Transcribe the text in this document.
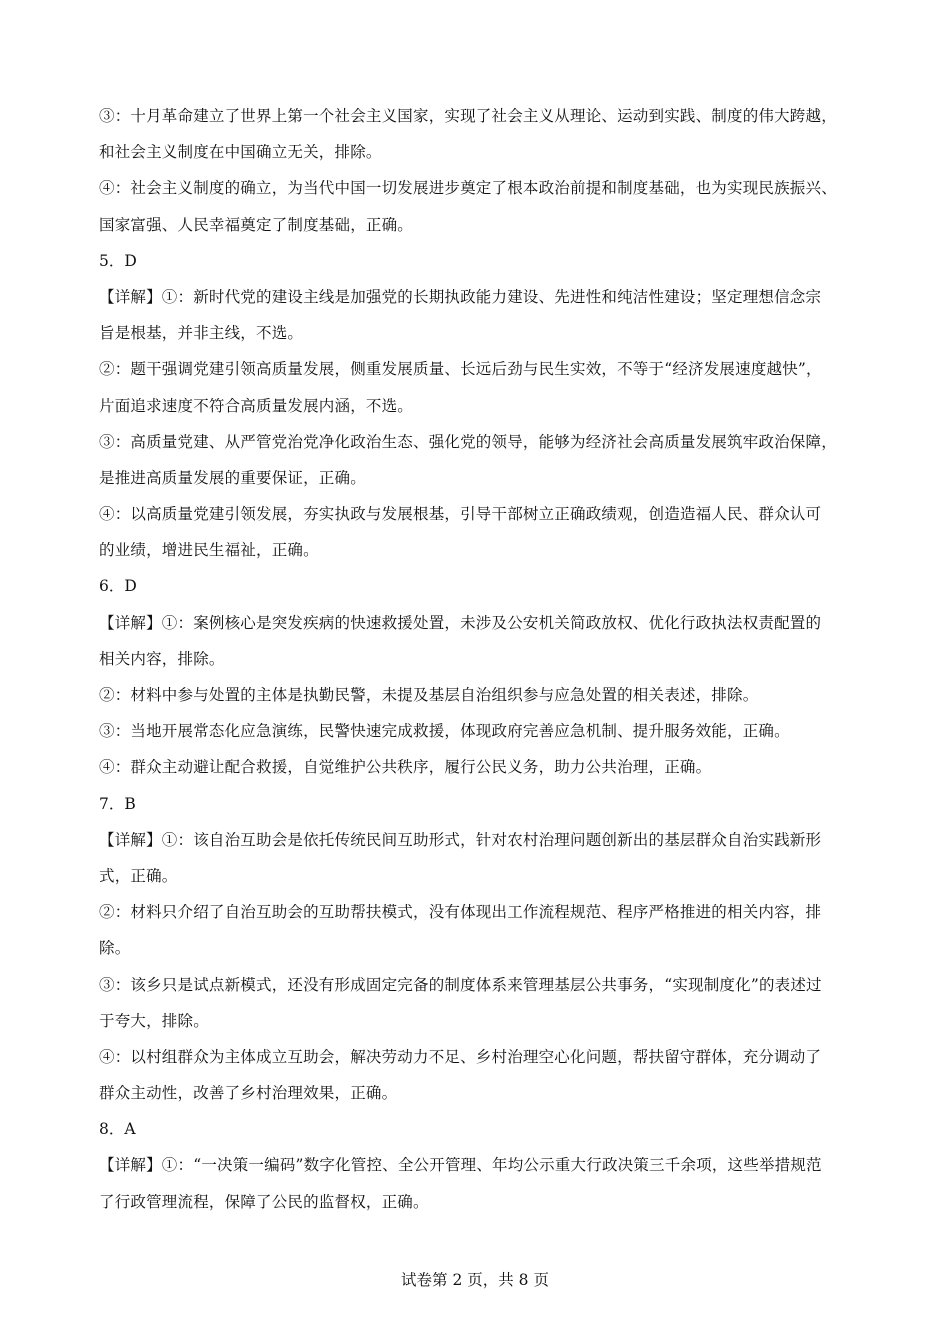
③：十月革命建立了世界上第一个社会主义国家，实现了社会主义从理论、运动到实践、制度的伟大跨越，
和社会主义制度在中国确立无关，排除。
④：社会主义制度的确立，为当代中国一切发展进步奠定了根本政治前提和制度基础，也为实现民族振兴、
国家富强、人民幸福奠定了制度基础，正确。
5．D
【详解】①：新时代党的建设主线是加强党的长期执政能力建设、先进性和纯洁性建设；坚定理想信念宗
旨是根基，并非主线，不选。
②：题干强调党建引领高质量发展，侧重发展质量、长远后劲与民生实效，不等于“经济发展速度越快”，
片面追求速度不符合高质量发展内涵，不选。
③：高质量党建、从严管党治党净化政治生态、强化党的领导，能够为经济社会高质量发展筑牢政治保障，
是推进高质量发展的重要保证，正确。
④：以高质量党建引领发展，夯实执政与发展根基，引导干部树立正确政绩观，创造造福人民、群众认可
的业绩，增进民生福祉，正确。
6．D
【详解】①：案例核心是突发疾病的快速救援处置，未涉及公安机关简政放权、优化行政执法权责配置的
相关内容，排除。
②：材料中参与处置的主体是执勤民警，未提及基层自治组织参与应急处置的相关表述，排除。
③：当地开展常态化应急演练，民警快速完成救援，体现政府完善应急机制、提升服务效能，正确。
④：群众主动避让配合救援，自觉维护公共秩序，履行公民义务，助力公共治理，正确。
7．B
【详解】①：该自治互助会是依托传统民间互助形式，针对农村治理问题创新出的基层群众自治实践新形
式，正确。
②：材料只介绍了自治互助会的互助帮扶模式，没有体现出工作流程规范、程序严格推进的相关内容，排
除。
③：该乡只是试点新模式，还没有形成固定完备的制度体系来管理基层公共事务，“实现制度化”的表述过
于夸大，排除。
④：以村组群众为主体成立互助会，解决劳动力不足、乡村治理空心化问题，帮扶留守群体，充分调动了
群众主动性，改善了乡村治理效果，正确。
8．A
【详解】①：“一决策一编码”数字化管控、全公开管理、年均公示重大行政决策三千余项，这些举措规范
了行政管理流程，保障了公民的监督权，正确。
试卷第 2 页，共 8 页
